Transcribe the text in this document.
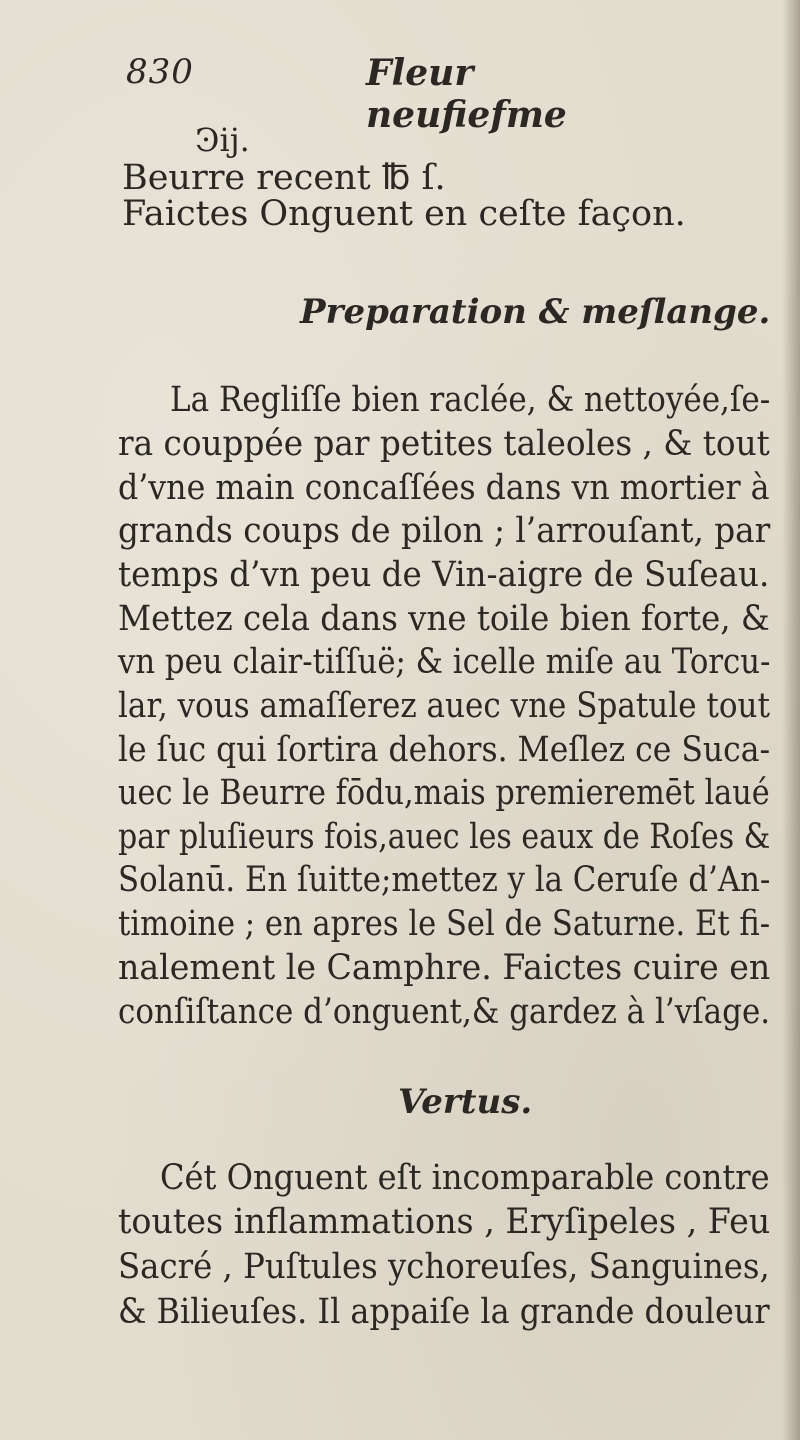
830	Fleur neufiefme
Ͽij.
Beurre recent ℔ ſ.
Faictes Onguent en ceſte façon.
Preparation & meſlange.
La Regliſſe bien raclée, & nettoyée,ſe-
ra couppée par petites taleoles , & tout
d’vne main concaſſées dans vn mortier à
grands coups de pilon ; l’arrouſant, par
temps d’vn peu de Vin-aigre de Suſeau.
Mettez cela dans vne toile bien forte, &
vn peu clair-tiſſuë; & icelle miſe au Torcu-
lar, vous amaſſerez auec vne Spatule tout
le ſuc qui ſortira dehors. Meſlez ce Suca-
uec le Beurre fōdu,mais premieremēt laué
par pluſieurs fois,auec les eaux de Roſes &
Solanū. En ſuitte;mettez y la Ceruſe d’An-
timoine ; en apres le Sel de Saturne. Et fi-
nalement le Camphre. Faictes cuire en
conſiſtance d’onguent,& gardez à l’vſage.
Vertus.
Cét Onguent eſt incomparable contre
toutes inflammations , Eryſipeles , Feu
Sacré , Puſtules ychoreuſes, Sanguines,
& Bilieuſes. Il appaiſe la grande douleur
